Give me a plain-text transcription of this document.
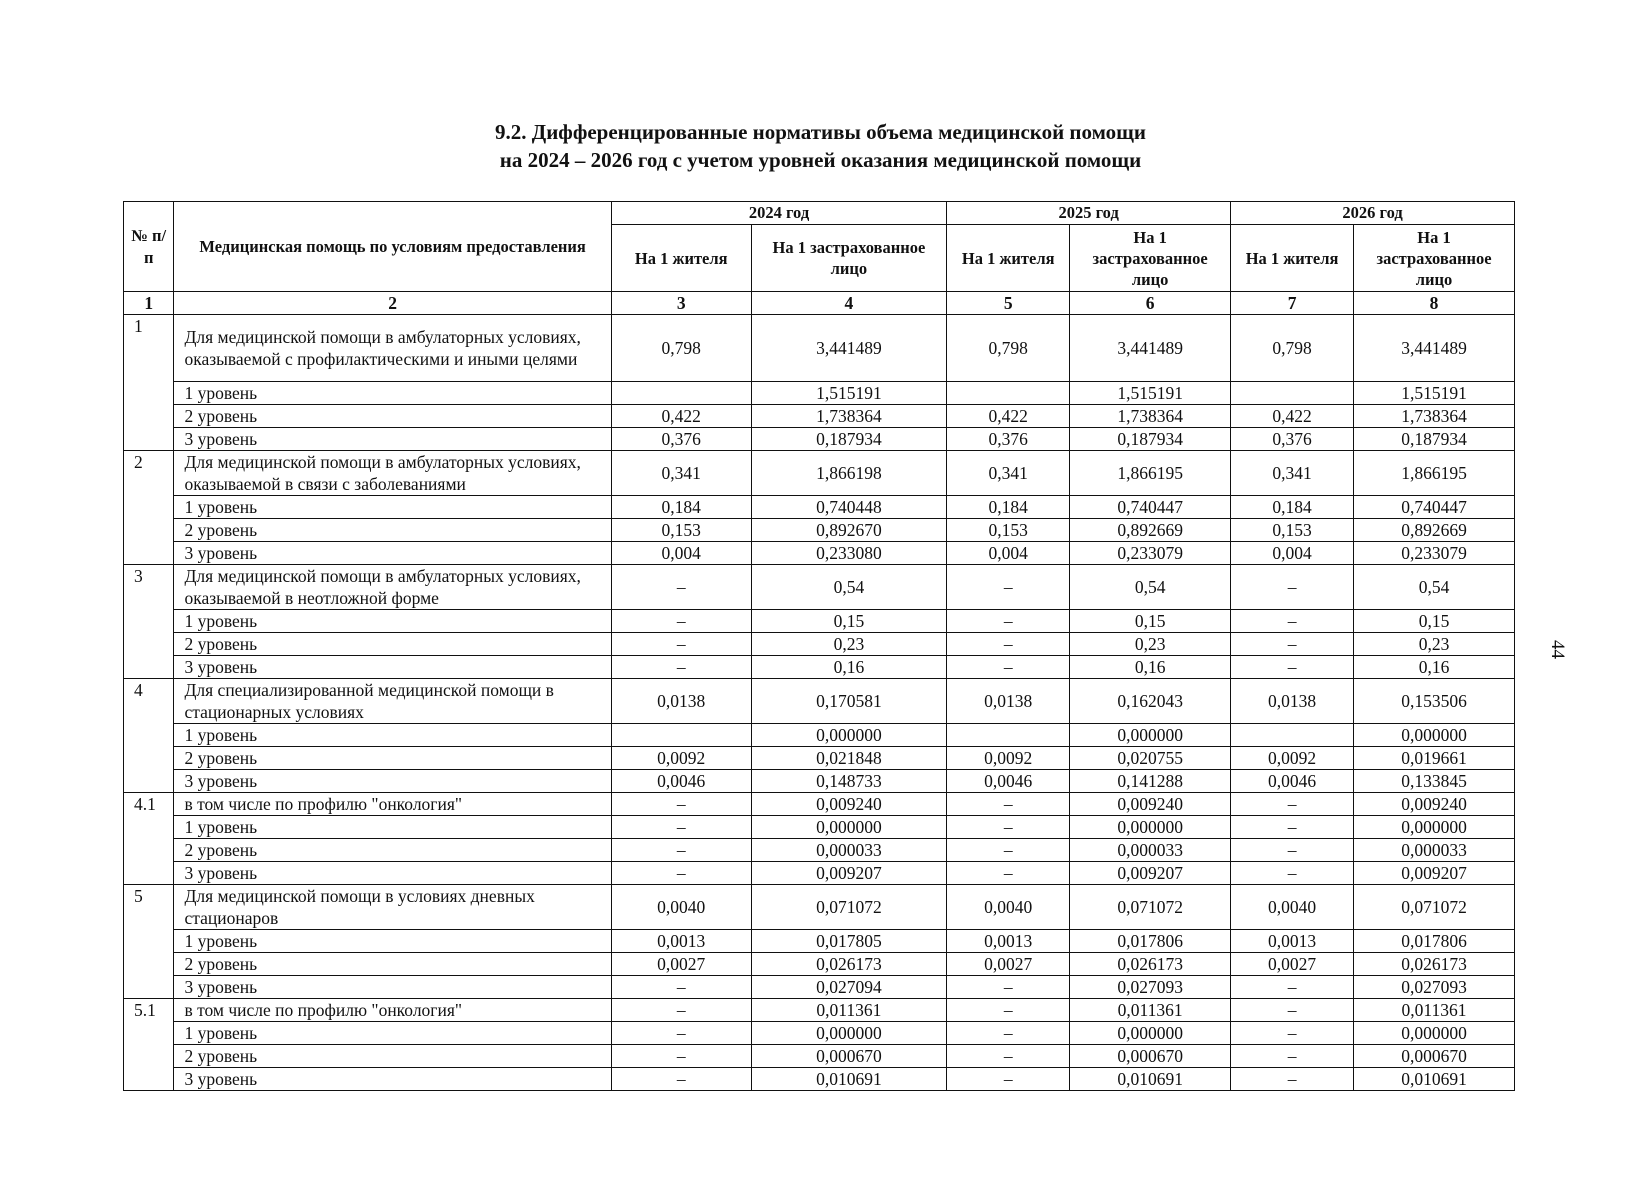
9.2. Дифференцированные нормативы объема медицинской помощи
на 2024 – 2026 год с учетом уровней оказания медицинской помощи
№ п/п	Медицинская помощь по условиям предоставления	2024 год		2025 год		2026 год	
		На 1 жителя	На 1 застрахованное лицо	На 1 жителя	На 1 застрахованное лицо	На 1 жителя	На 1 застрахованное лицо
1	2	3	4	5	6	7	8
1	Для медицинской помощи в амбулаторных условиях, оказываемой с профилактическими и иными целями	0,798	3,441489	0,798	3,441489	0,798	3,441489
	1 уровень		1,515191		1,515191		1,515191
	2 уровень	0,422	1,738364	0,422	1,738364	0,422	1,738364
	3 уровень	0,376	0,187934	0,376	0,187934	0,376	0,187934
2	Для медицинской помощи в амбулаторных условиях, оказываемой в связи с заболеваниями	0,341	1,866198	0,341	1,866195	0,341	1,866195
	1 уровень	0,184	0,740448	0,184	0,740447	0,184	0,740447
	2 уровень	0,153	0,892670	0,153	0,892669	0,153	0,892669
	3 уровень	0,004	0,233080	0,004	0,233079	0,004	0,233079
3	Для медицинской помощи в амбулаторных условиях, оказываемой в неотложной форме	–	0,54	–	0,54	–	0,54
	1 уровень	–	0,15	–	0,15	–	0,15
	2 уровень	–	0,23	–	0,23	–	0,23
	3 уровень	–	0,16	–	0,16	–	0,16
4	Для специализированной медицинской помощи в стационарных условиях	0,0138	0,170581	0,0138	0,162043	0,0138	0,153506
	1 уровень		0,000000		0,000000		0,000000
	2 уровень	0,0092	0,021848	0,0092	0,020755	0,0092	0,019661
	3 уровень	0,0046	0,148733	0,0046	0,141288	0,0046	0,133845
4.1	в том числе по профилю "онкология"	–	0,009240	–	0,009240	–	0,009240
	1 уровень	–	0,000000	–	0,000000	–	0,000000
	2 уровень	–	0,000033	–	0,000033	–	0,000033
	3 уровень	–	0,009207	–	0,009207	–	0,009207
5	Для медицинской помощи в условиях дневных стационаров	0,0040	0,071072	0,0040	0,071072	0,0040	0,071072
	1 уровень	0,0013	0,017805	0,0013	0,017806	0,0013	0,017806
	2 уровень	0,0027	0,026173	0,0027	0,026173	0,0027	0,026173
	3 уровень	–	0,027094	–	0,027093	–	0,027093
5.1	в том числе по профилю "онкология"	–	0,011361	–	0,011361	–	0,011361
	1 уровень	–	0,000000	–	0,000000	–	0,000000
	2 уровень	–	0,000670	–	0,000670	–	0,000670
	3 уровень	–	0,010691	–	0,010691	–	0,010691
44
